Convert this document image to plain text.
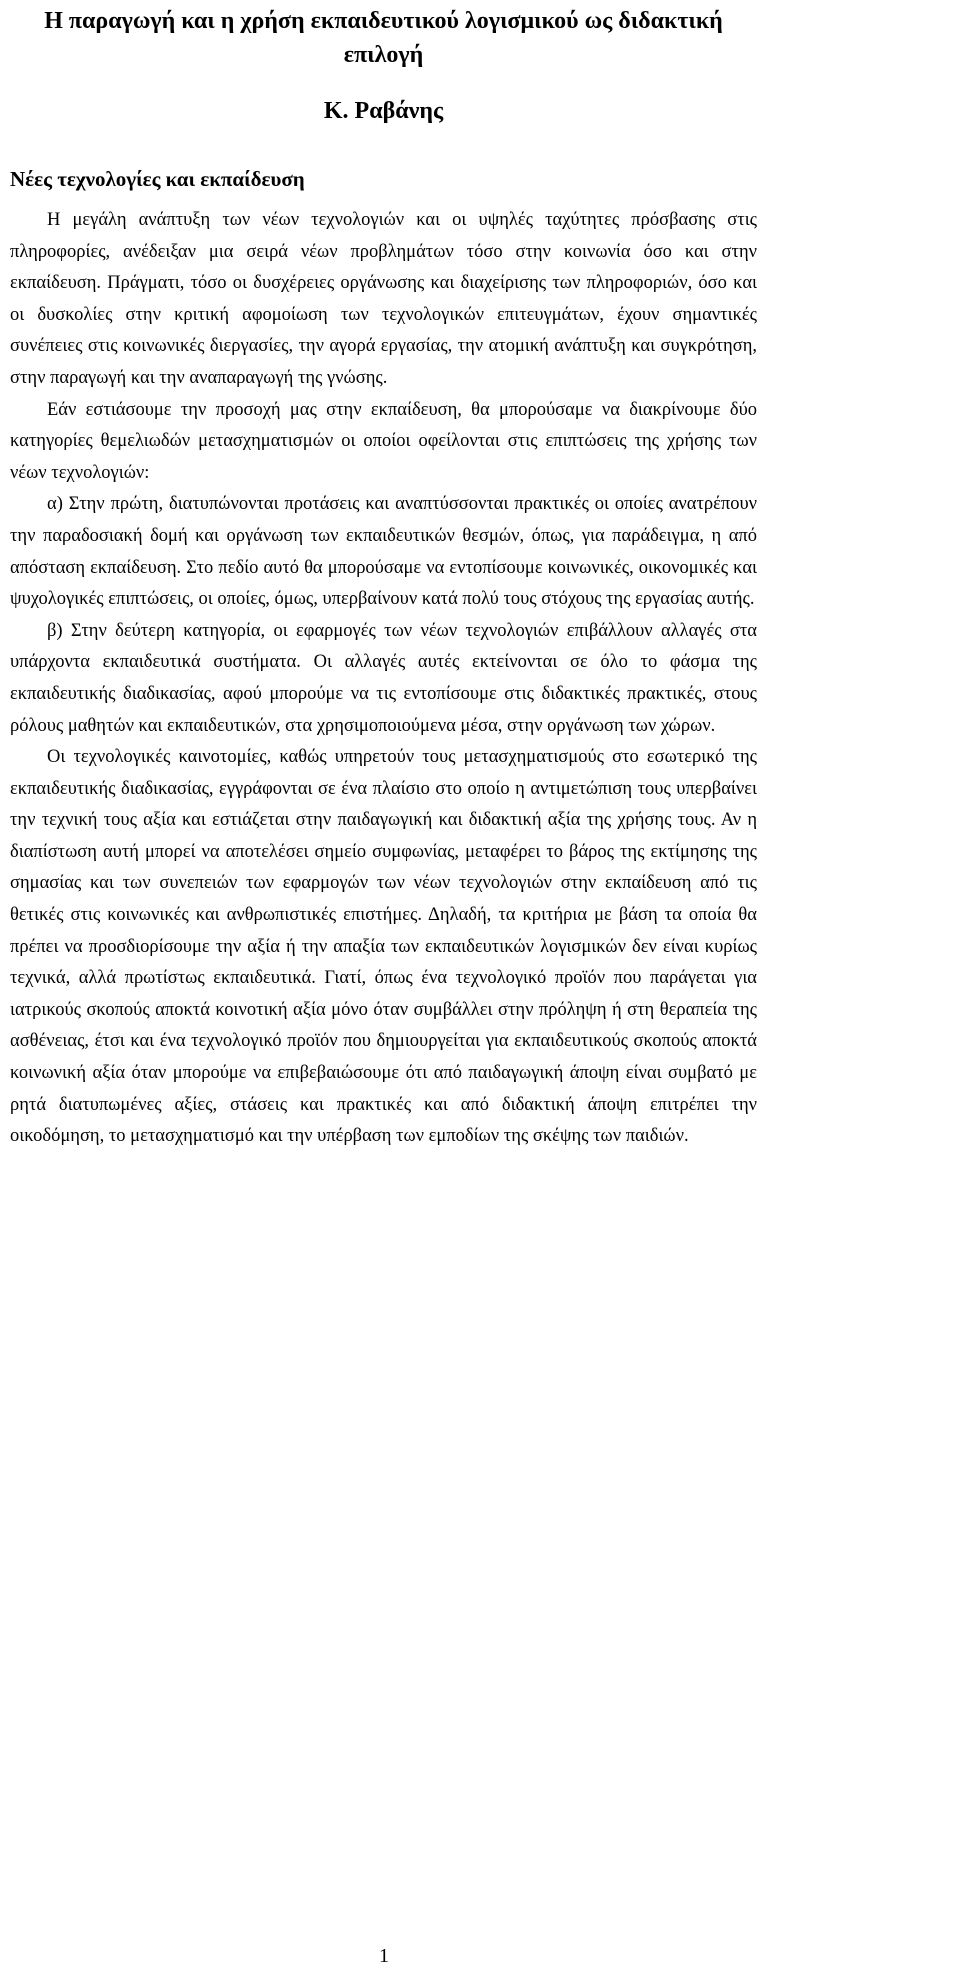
Η παραγωγή και η χρήση εκπαιδευτικού λογισμικού ως διδακτική επιλογή
Κ. Ραβάνης
Νέες τεχνολογίες και εκπαίδευση

Η μεγάλη ανάπτυξη των νέων τεχνολογιών και οι υψηλές ταχύτητες πρόσβασης στις πληροφορίες, ανέδειξαν μια σειρά νέων προβλημάτων τόσο στην κοινωνία όσο και στην εκπαίδευση. Πράγματι, τόσο οι δυσχέρειες οργάνωσης και διαχείρισης των πληροφοριών, όσο και οι δυσκολίες στην κριτική αφομοίωση των τεχνολογικών επιτευγμάτων, έχουν σημαντικές συνέπειες στις κοινωνικές διεργασίες, την αγορά εργασίας, την ατομική ανάπτυξη και συγκρότηση, στην παραγωγή και την αναπαραγωγή της γνώσης.

Εάν εστιάσουμε την προσοχή μας στην εκπαίδευση, θα μπορούσαμε να διακρίνουμε δύο κατηγορίες θεμελιωδών μετασχηματισμών οι οποίοι οφείλονται στις επιπτώσεις της χρήσης των νέων τεχνολογιών:

α) Στην πρώτη, διατυπώνονται προτάσεις και αναπτύσσονται πρακτικές οι οποίες ανατρέπουν την παραδοσιακή δομή και οργάνωση των εκπαιδευτικών θεσμών, όπως, για παράδειγμα, η από απόσταση εκπαίδευση. Στο πεδίο αυτό θα μπορούσαμε να εντοπίσουμε κοινωνικές, οικονομικές και ψυχολογικές επιπτώσεις, οι οποίες, όμως, υπερβαίνουν κατά πολύ τους στόχους της εργασίας αυτής.

β) Στην δεύτερη κατηγορία, οι εφαρμογές των νέων τεχνολογιών επιβάλλουν αλλαγές στα υπάρχοντα εκπαιδευτικά συστήματα. Οι αλλαγές αυτές εκτείνονται σε όλο το φάσμα της εκπαιδευτικής διαδικασίας, αφού μπορούμε να τις εντοπίσουμε στις διδακτικές πρακτικές, στους ρόλους μαθητών και εκπαιδευτικών, στα χρησιμοποιούμενα μέσα, στην οργάνωση των χώρων.

Οι τεχνολογικές καινοτομίες, καθώς υπηρετούν τους μετασχηματισμούς στο εσωτερικό της εκπαιδευτικής διαδικασίας, εγγράφονται σε ένα πλαίσιο στο οποίο η αντιμετώπιση τους υπερβαίνει την τεχνική τους αξία και εστιάζεται στην παιδαγωγική και διδακτική αξία της χρήσης τους. Αν η διαπίστωση αυτή μπορεί να αποτελέσει σημείο συμφωνίας, μεταφέρει το βάρος της εκτίμησης της σημασίας και των συνεπειών των εφαρμογών των νέων τεχνολογιών στην εκπαίδευση από τις θετικές στις κοινωνικές και ανθρωπιστικές επιστήμες. Δηλαδή, τα κριτήρια με βάση τα οποία θα πρέπει να προσδιορίσουμε την αξία ή την απαξία των εκπαιδευτικών λογισμικών δεν είναι κυρίως τεχνικά, αλλά πρωτίστως εκπαιδευτικά. Γιατί, όπως ένα τεχνολογικό προϊόν που παράγεται για ιατρικούς σκοπούς αποκτά κοινοτική αξία μόνο όταν συμβάλλει στην πρόληψη ή στη θεραπεία της ασθένειας, έτσι και ένα τεχνολογικό προϊόν που δημιουργείται για εκπαιδευτικούς σκοπούς αποκτά κοινωνική αξία όταν μπορούμε να επιβεβαιώσουμε ότι από παιδαγωγική άποψη είναι συμβατό με ρητά διατυπωμένες αξίες, στάσεις και πρακτικές και από διδακτική άποψη επιτρέπει την οικοδόμηση, το μετασχηματισμό και την υπέρβαση των εμποδίων της σκέψης των παιδιών.

1
